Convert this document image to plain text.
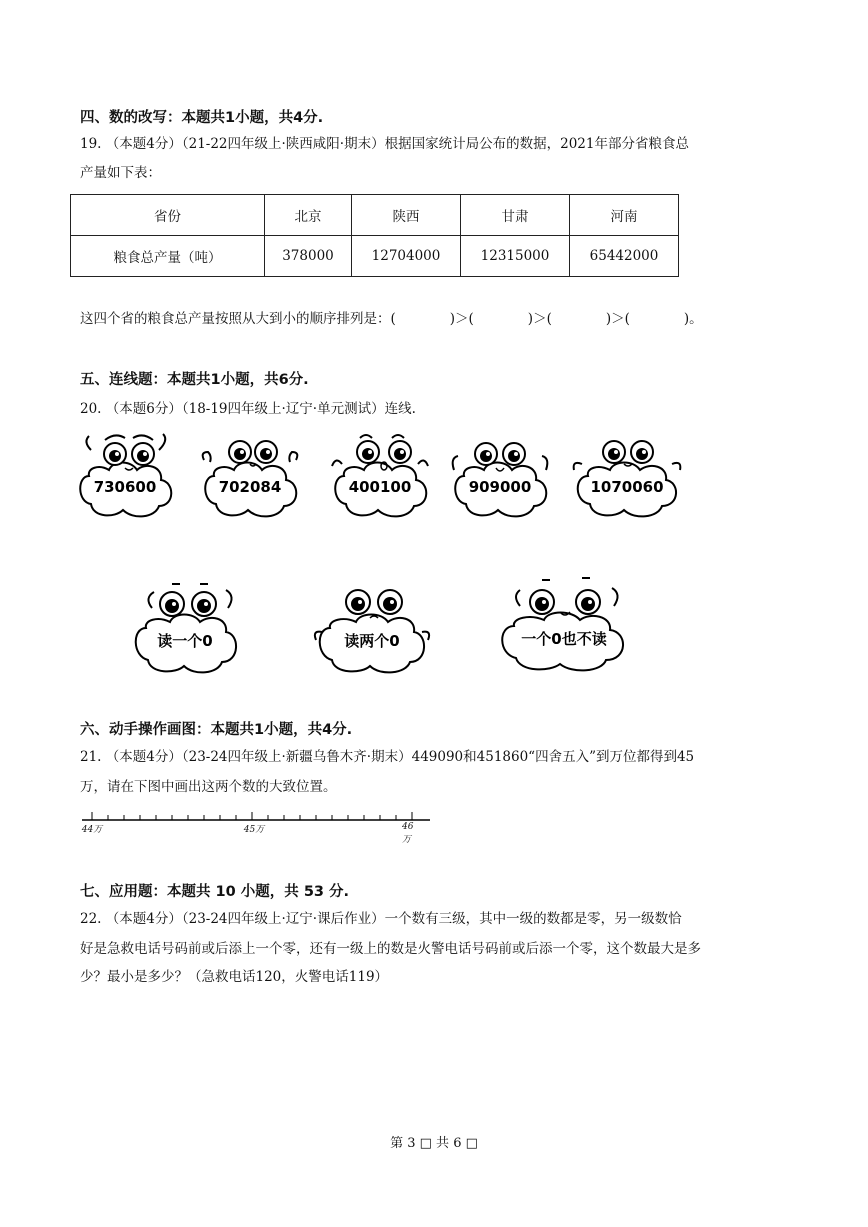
四、数的改写：本题共1小题，共4分.
19. （本题4分）（21-22四年级上·陕西咸阳·期末）根据国家统计局公布的数据，2021年部分省粮食总
产量如下表：
省份	北京	陕西	甘肃	河南
粮食总产量（吨）	378000	12704000	12315000	65442000
这四个省的粮食总产量按照从大到小的顺序排列是：(　　　　)＞(　　　　)＞(　　　　)＞(　　　　)。
五、连线题：本题共1小题，共6分.
20. （本题6分）（18-19四年级上·辽宁·单元测试）连线.
730600	702084	400100	909000	1070060
读一个0	读两个0	一个0也不读
六、动手操作画图：本题共1小题，共4分.
21. （本题4分）（23-24四年级上·新疆乌鲁木齐·期末）449090和451860“四舍五入”到万位都得到45
万，请在下图中画出这两个数的大致位置。
44万	45万	46万
七、应用题：本题共 10 小题，共 53 分.
22. （本题4分）（23-24四年级上·辽宁·课后作业）一个数有三级，其中一级的数都是零，另一级数恰
好是急救电话号码前或后添上一个零，还有一级上的数是火警电话号码前或后添一个零，这个数最大是多
少？最小是多少？（急救电话120，火警电话119）
第 3 □ 共 6 □
